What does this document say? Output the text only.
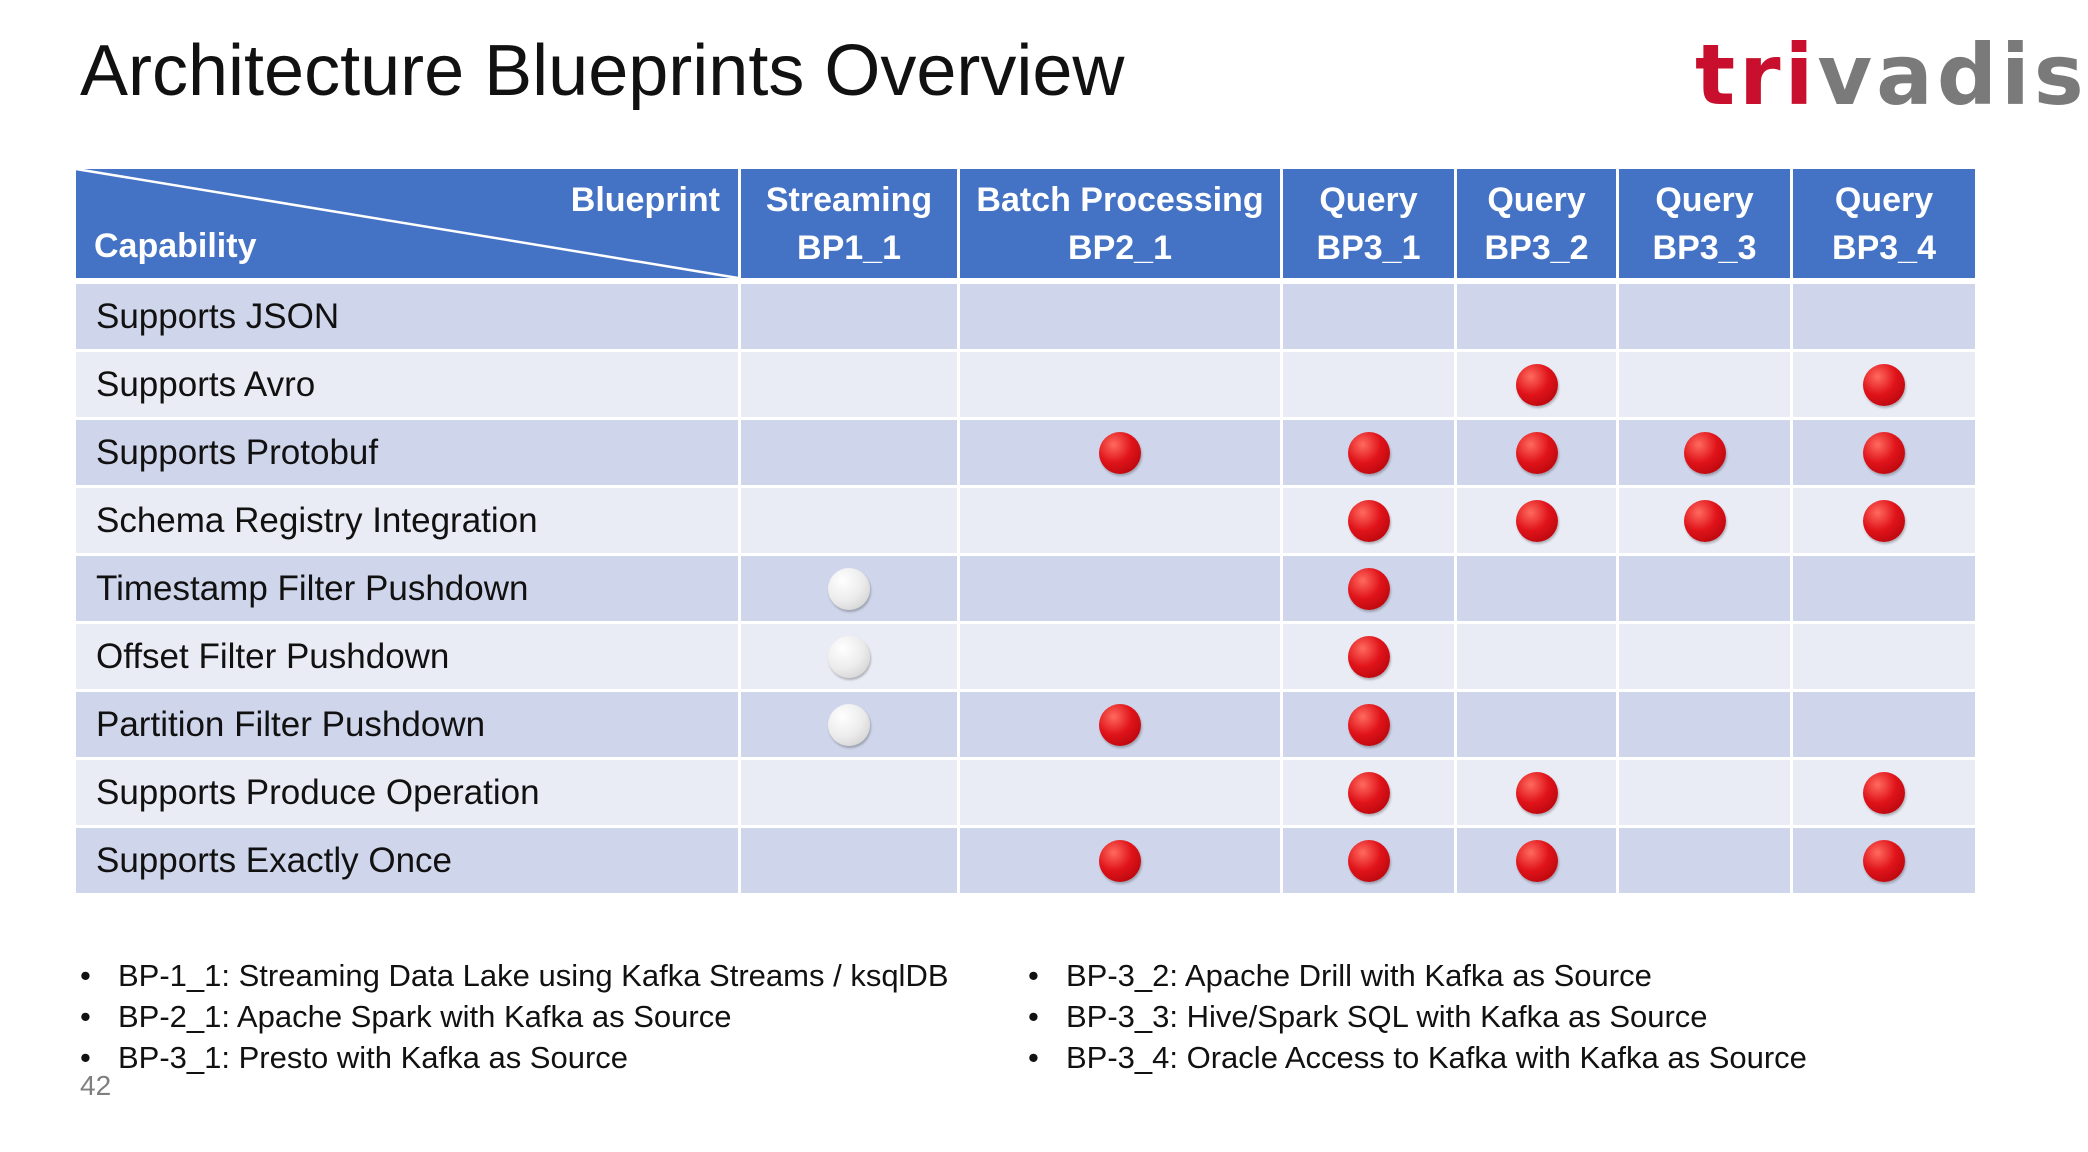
Architecture Blueprints Overview	trivadis
Blueprint
Capability
Streaming
BP1_1
Batch Processing
BP2_1
Query
BP3_1
Query
BP3_2
Query
BP3_3
Query
BP3_4
Supports JSON
Supports Avro
Supports Protobuf
Schema Registry Integration
Timestamp Filter Pushdown
Offset Filter Pushdown
Partition Filter Pushdown
Supports Produce Operation
Supports Exactly Once
• BP-1_1: Streaming Data Lake using Kafka Streams / ksqlDB
• BP-2_1: Apache Spark with Kafka as Source
• BP-3_1: Presto with Kafka as Source
• BP-3_2: Apache Drill with Kafka as Source
• BP-3_3: Hive/Spark SQL with Kafka as Source
• BP-3_4: Oracle Access to Kafka with Kafka as Source
42
